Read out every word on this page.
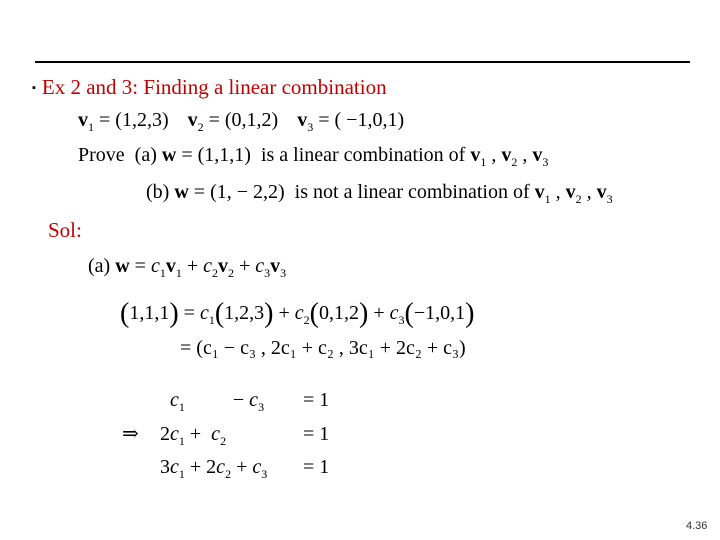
▪ Ex 2 and 3: Finding a linear combination
$v_1 = (1,2,3) v_2 = (0,1,2) v_3$ = ( −1,0,1)
Prove (a) w = (1,1,1) is a linear combination of $v_1$ , $v_2$ , $v_3$
(b) w = (1, − 2,2) is not a linear combination of $v_1$ , $v_2$ , $v_3$
Sol:
(a) $w = c_1v_1 + c_2v_2 + c_3v_3$
$(1,1,1) = c_1(1,2,3) + c_2(0,1,2) + c_3(-1,0,1)$
= (c₁ − c₃ , 2c₁ + c₂ , 3c₁ + 2c₂ + c₃)
$c_1 - c_3 = 1$
⇒ $2c_1 + c_2$	= 1
$3c_1 + 2c_2 + c_3 = 1$
4.36
